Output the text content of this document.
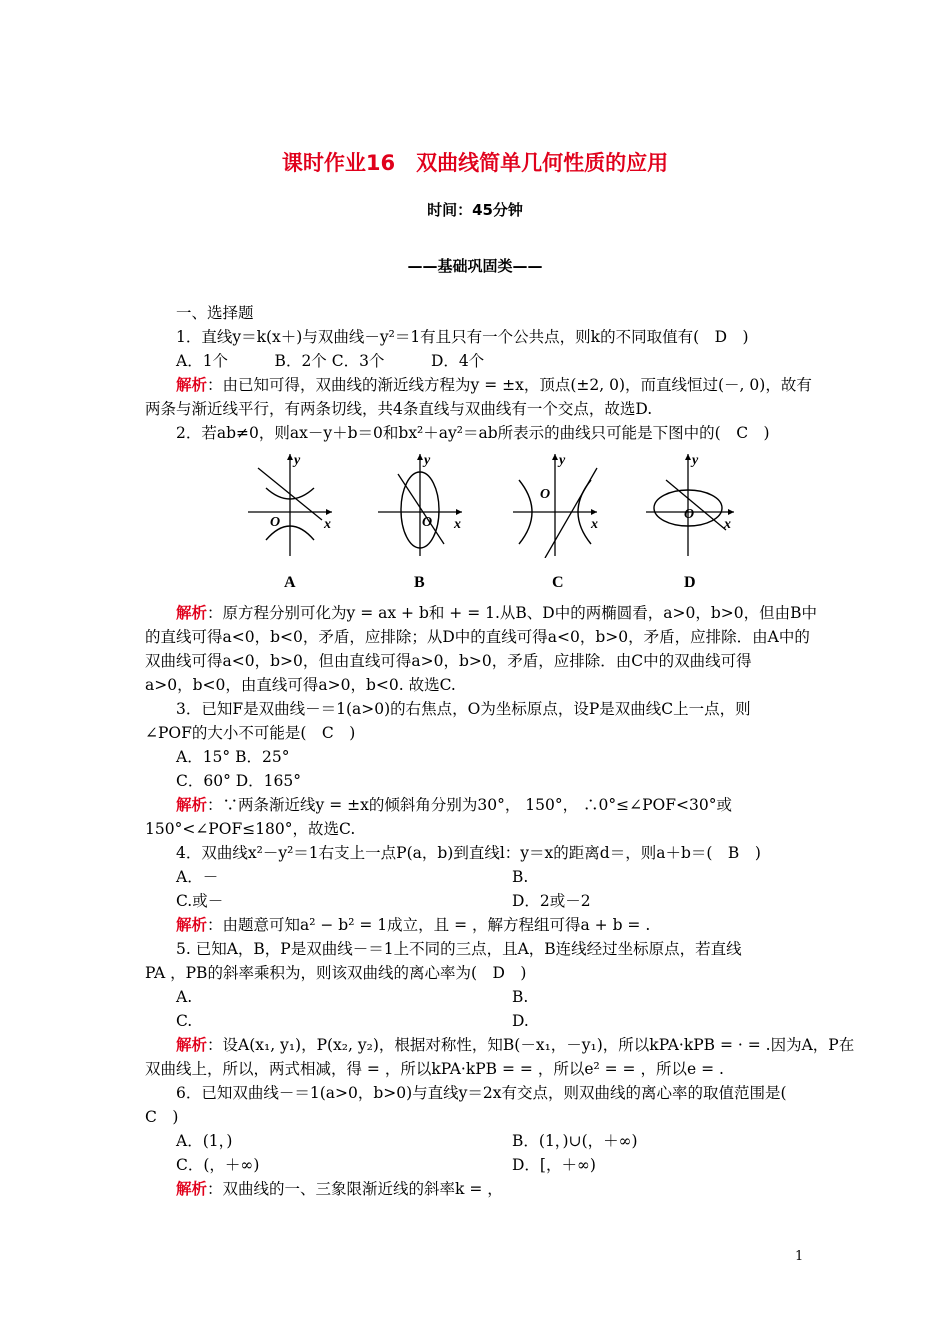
课时作业16　双曲线简单几何性质的应用
时间：45分钟
——基础巩固类——
一、选择题
1．直线y＝k(x＋)与双曲线－y²＝1有且只有一个公共点，则k的不同取值有(　D　)
A．1个　　　B．2个 C．3个　　　D．4个
解析：由已知可得，双曲线的渐近线方程为y = ±x，顶点(±2, 0)，而直线恒过(－, 0)，故有
两条与渐近线平行，有两条切线，共4条直线与双曲线有一个交点，故选D.
2．若ab≠0，则ax－y＋b＝0和bx²＋ay²＝ab所表示的曲线只可能是下图中的(　C　)
y
x
O
y
x
O
y
x
O
y
x
O
A	B	C	D
解析：原方程分别可化为y = ax + b和 + = 1.从B、D中的两椭圆看，a>0，b>0，但由B中
的直线可得a<0，b<0，矛盾，应排除；从D中的直线可得a<0，b>0，矛盾，应排除．由A中的
双曲线可得a<0，b>0，但由直线可得a>0，b>0，矛盾，应排除．由C中的双曲线可得
a>0，b<0，由直线可得a>0，b<0. 故选C.
3．已知F是双曲线－＝1(a>0)的右焦点，O为坐标原点，设P是双曲线C上一点，则
∠POF的大小不可能是(　C　)
A．15° B．25°
C．60° D．165°
解析：∵两条渐近线y = ±x的倾斜角分别为30°， 150°， ∴0°≤∠POF<30°或
150°<∠POF≤180°，故选C.
4．双曲线x²－y²＝1右支上一点P(a，b)到直线l：y＝x的距离d＝，则a＋b＝(　B　)
A．－	B.
C.或－	D．2或－2
解析：由题意可知a² − b² = 1成立，且 = ，解方程组可得a + b = .
5. 已知A，B，P是双曲线－＝1上不同的三点，且A，B连线经过坐标原点，若直线
PA ，PB的斜率乘积为，则该双曲线的离心率为(　D　)
A.	B.
C.	D.
解析：设A(x₁, y₁)，P(x₂, y₂)，根据对称性，知B(－x₁，－y₁)，所以kPA·kPB = · = .因为A，P在
双曲线上，所以，两式相减，得 = ，所以kPA·kPB = = ，所以e² = = ，所以e = .
6．已知双曲线－＝1(a>0，b>0)与直线y＝2x有交点，则双曲线的离心率的取值范围是(
C　)
A．(1，)	B．(1，)∪(，＋∞)
C．(，＋∞)	D．[，＋∞)
解析：双曲线的一、三象限渐近线的斜率k = ，
1
